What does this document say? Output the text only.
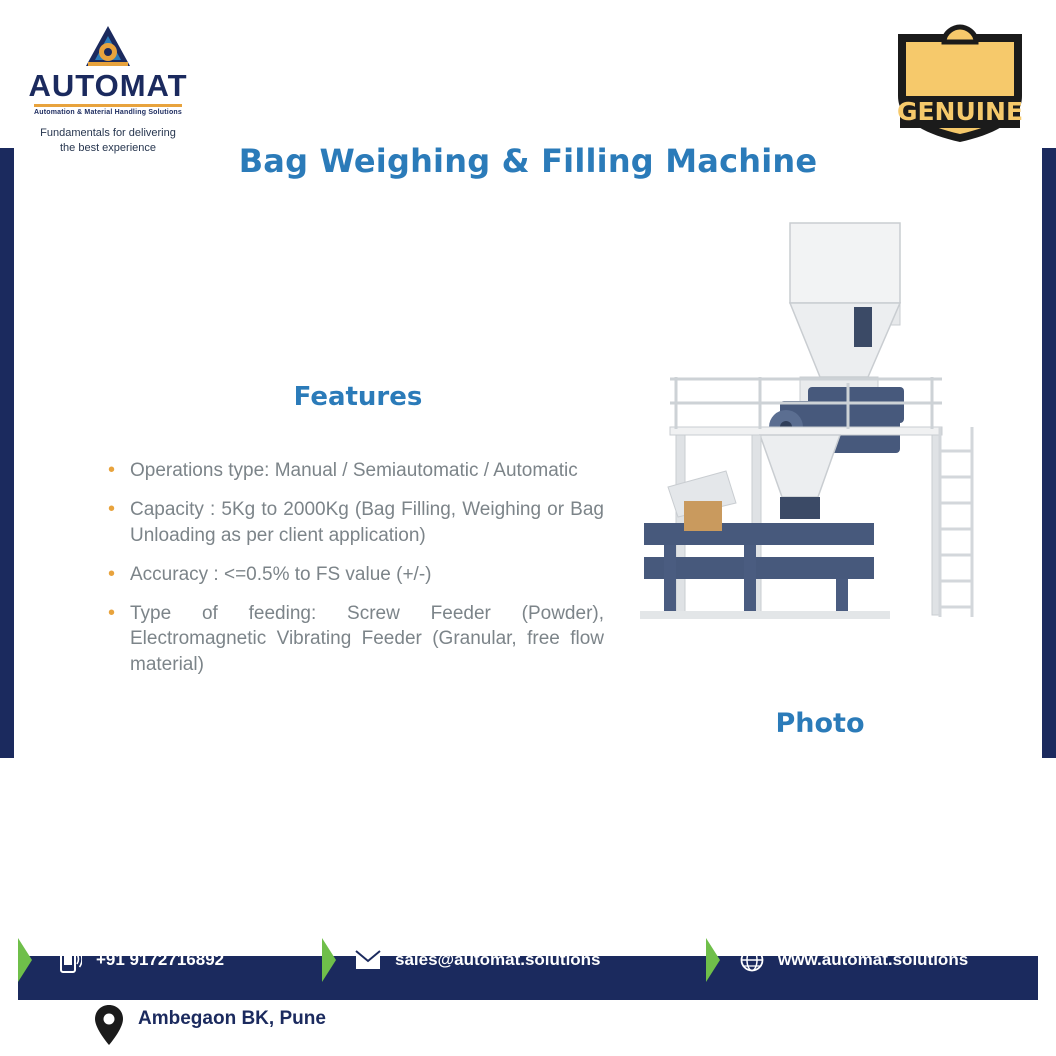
AUTOMAT
Automation & Material Handling Solutions
Fundamentals for delivering
the best experience
GENUINE
Bag Weighing & Filling Machine
Features
• Operations type: Manual / Semiautomatic / Automatic
• Capacity : 5Kg to 2000Kg (Bag Filling, Weighing or Bag Unloading as per client application)
• Accuracy : <=0.5% to FS value (+/-)
• Type of feeding: Screw Feeder (Powder), Electromagnetic Vibrating Feeder (Granular, free flow material)
Photo
+91 9172716892	sales@automat.solutions	www.automat.solutions
Ambegaon BK, Pune
